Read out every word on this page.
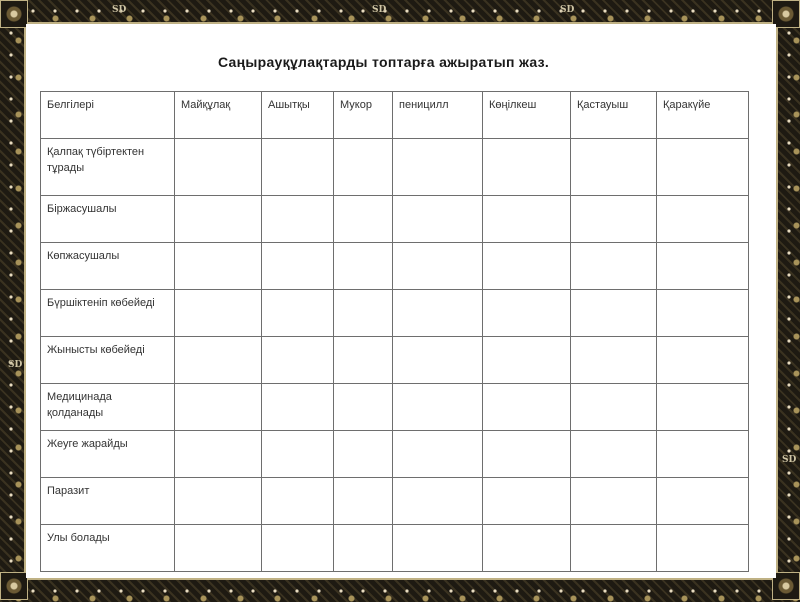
SD	SD	SD
SD
SD
Саңырауқұлақтарды топтарға ажыратып жаз.
Белгілері	Майқұлақ	Ашытқы	Мукор	пеницилл	Көңілкеш	Қастауыш	Қаракүйе
Қалпақ түбіртектен тұрады							
Біржасушалы							
Көпжасушалы							
Бүршіктеніп көбейеді							
Жынысты көбейеді							
Медицинада қолданады							
Жеуге жарайды							
Паразит							
Улы болады							
